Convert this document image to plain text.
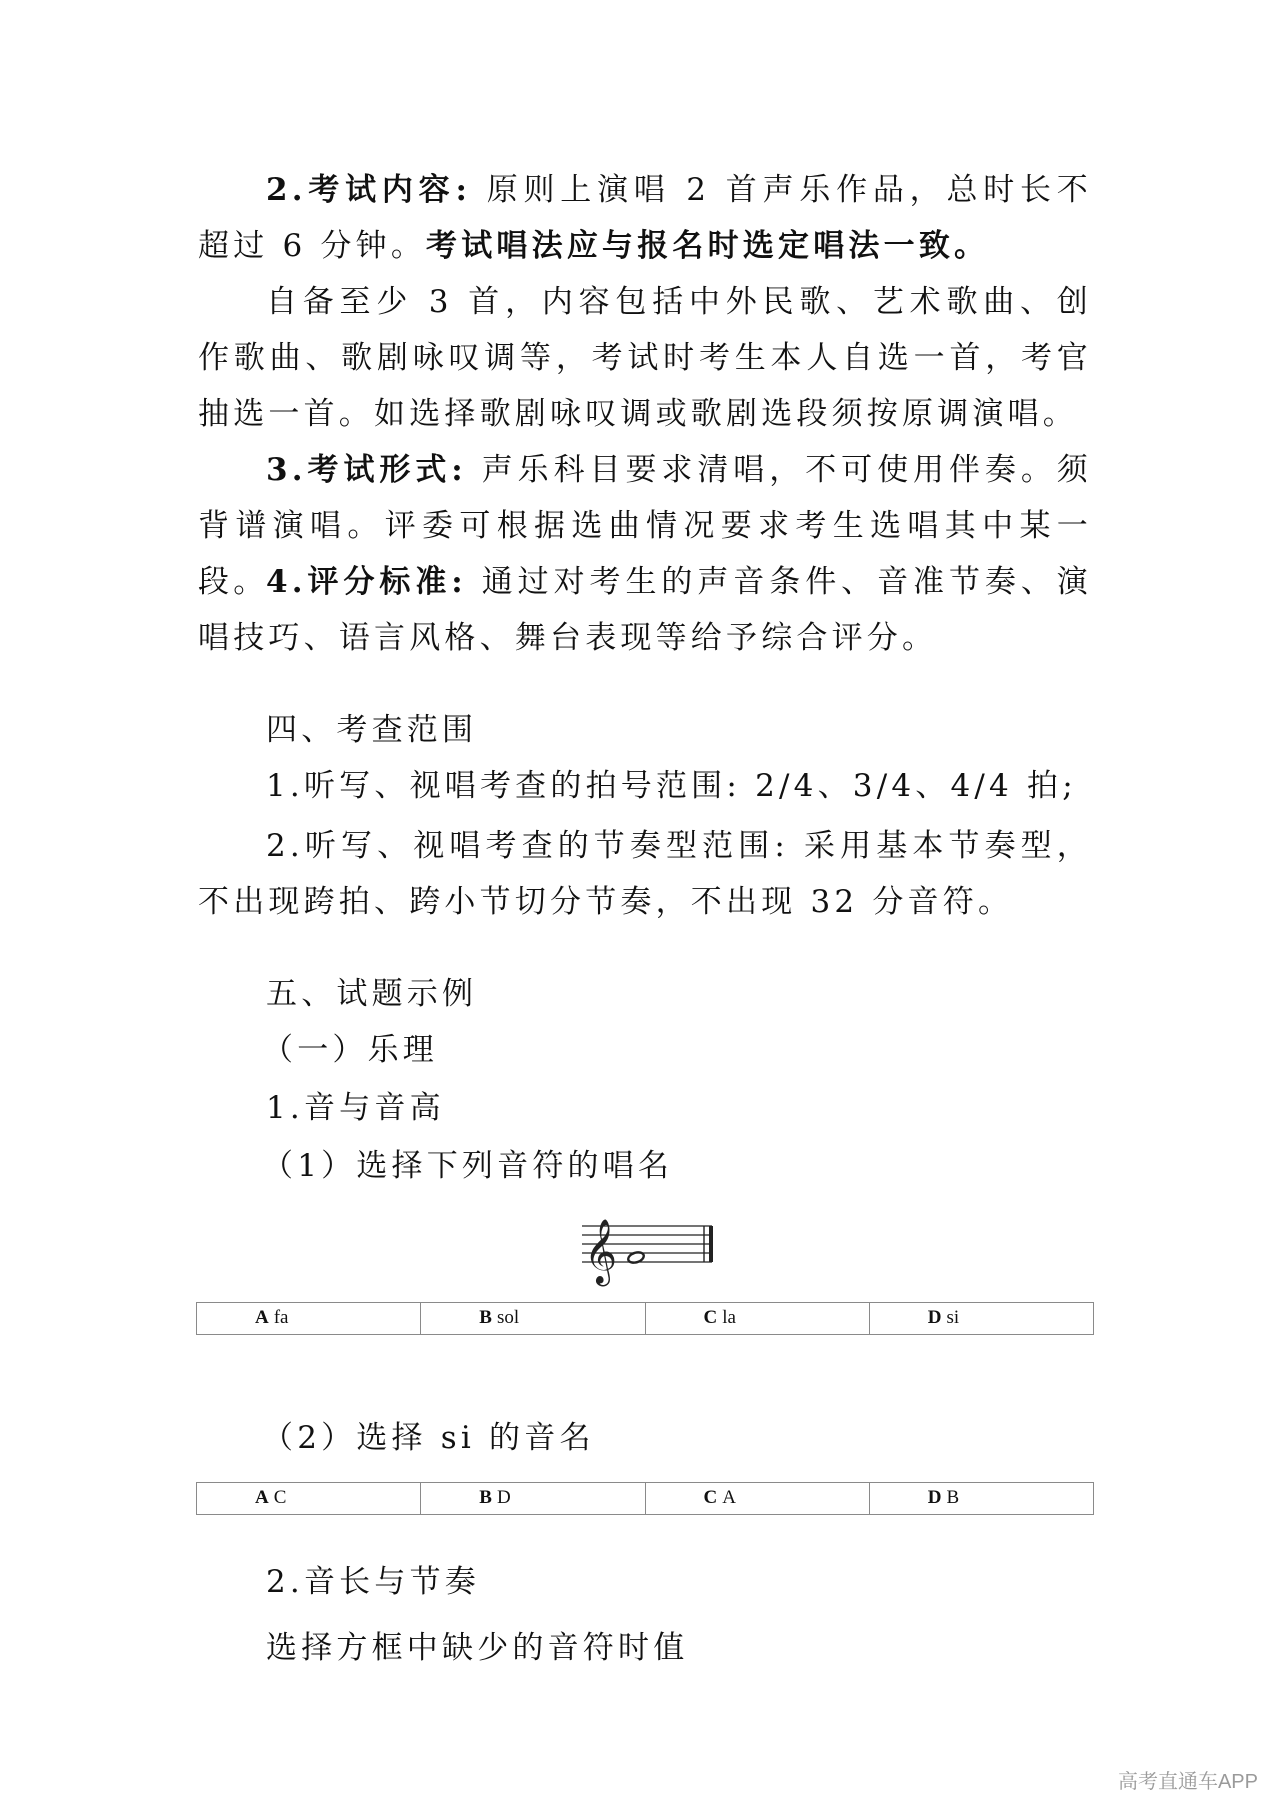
2.考试内容: 原则上演唱 2 首声乐作品，总时长不超过 6 分钟。考试唱法应与报名时选定唱法一致。

自备至少 3 首，内容包括中外民歌、艺术歌曲、创作歌曲、歌剧咏叹调等，考试时考生本人自选一首，考官抽选一首。如选择歌剧咏叹调或歌剧选段须按原调演唱。

3.考试形式: 声乐科目要求清唱，不可使用伴奏。须背谱演唱。评委可根据选曲情况要求考生选唱其中某一段。

4.评分标准: 通过对考生的声音条件、音准节奏、演唱技巧、语言风格、舞台表现等给予综合评分。

四、考查范围

1.听写、视唱考查的拍号范围: 2/4、3/4、4/4 拍;

2.听写、视唱考查的节奏型范围: 采用基本节奏型，不出现跨拍、跨小节切分节奏，不出现 32 分音符。

五、试题示例

（一）乐理

1.音与音高

（1）选择下列音符的唱名

𝄞
A fa	B sol	C la	D si

（2）选择 si 的音名

A C	B D	C A	D B

2.音长与节奏

选择方框中缺少的音符时值

高考直通车APP
